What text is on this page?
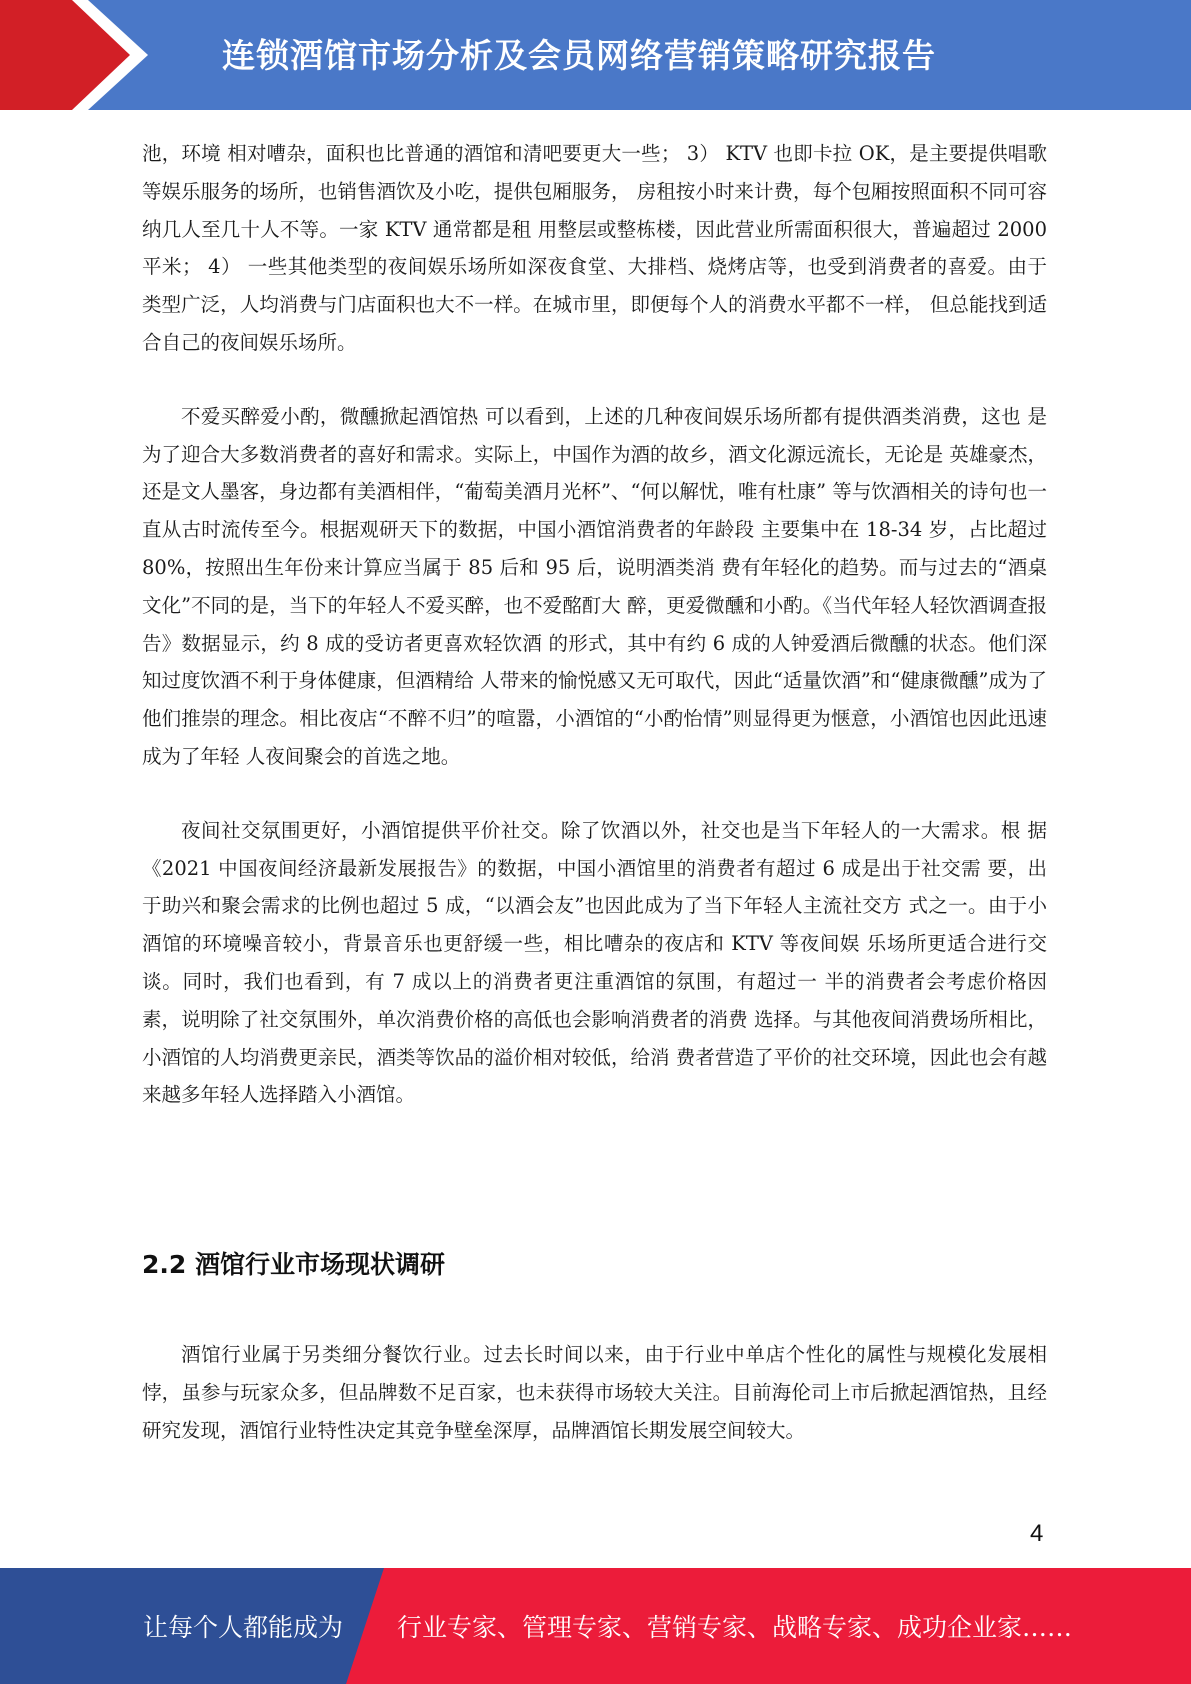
连锁酒馆市场分析及会员网络营销策略研究报告

池，环境 相对嘈杂，面积也比普通的酒馆和清吧要更大一些； 3） KTV 也即卡拉 OK，是主要提供唱歌等娱乐服务的场所，也销售酒饮及小吃，提供包厢服务， 房租按小时来计费，每个包厢按照面积不同可容纳几人至几十人不等。一家 KTV 通常都是租 用整层或整栋楼，因此营业所需面积很大，普遍超过 2000 平米； 4） 一些其他类型的夜间娱乐场所如深夜食堂、大排档、烧烤店等，也受到消费者的喜爱。由于 类型广泛，人均消费与门店面积也大不一样。在城市里，即便每个人的消费水平都不一样， 但总能找到适合自己的夜间娱乐场所。

不爱买醉爱小酌，微醺掀起酒馆热 可以看到，上述的几种夜间娱乐场所都有提供酒类消费，这也 是为了迎合大多数消费者的喜好和需求。实际上，中国作为酒的故乡，酒文化源远流长，无论是 英雄豪杰，还是文人墨客，身边都有美酒相伴，“葡萄美酒月光杯”、“何以解忧，唯有杜康” 等与饮酒相关的诗句也一直从古时流传至今。根据观研天下的数据，中国小酒馆消费者的年龄段 主要集中在 18-34 岁，占比超过 80%，按照出生年份来计算应当属于 85 后和 95 后，说明酒类消 费有年轻化的趋势。而与过去的“酒桌文化”不同的是，当下的年轻人不爱买醉，也不爱酩酊大 醉，更爱微醺和小酌。《当代年轻人轻饮酒调查报告》数据显示，约 8 成的受访者更喜欢轻饮酒 的形式，其中有约 6 成的人钟爱酒后微醺的状态。他们深知过度饮酒不利于身体健康，但酒精给 人带来的愉悦感又无可取代，因此“适量饮酒”和“健康微醺”成为了他们推崇的理念。相比夜店“不醉不归”的喧嚣，小酒馆的“小酌怡情”则显得更为惬意，小酒馆也因此迅速成为了年轻 人夜间聚会的首选之地。

夜间社交氛围更好，小酒馆提供平价社交。除了饮酒以外，社交也是当下年轻人的一大需求。根 据《2021 中国夜间经济最新发展报告》的数据，中国小酒馆里的消费者有超过 6 成是出于社交需 要，出于助兴和聚会需求的比例也超过 5 成，“以酒会友”也因此成为了当下年轻人主流社交方 式之一。由于小酒馆的环境噪音较小，背景音乐也更舒缓一些，相比嘈杂的夜店和 KTV 等夜间娱 乐场所更适合进行交谈。同时，我们也看到，有 7 成以上的消费者更注重酒馆的氛围，有超过一 半的消费者会考虑价格因素，说明除了社交氛围外，单次消费价格的高低也会影响消费者的消费 选择。与其他夜间消费场所相比，小酒馆的人均消费更亲民，酒类等饮品的溢价相对较低，给消 费者营造了平价的社交环境，因此也会有越来越多年轻人选择踏入小酒馆。

2.2 酒馆行业市场现状调研

酒馆行业属于另类细分餐饮行业。过去长时间以来，由于行业中单店个性化的属性与规模化发展相悖，虽参与玩家众多，但品牌数不足百家，也未获得市场较大关注。目前海伦司上市后掀起酒馆热，且经研究发现，酒馆行业特性决定其竞争壁垒深厚，品牌酒馆长期发展空间较大。

4
让每个人都能成为 行业专家、管理专家、营销专家、战略专家、成功企业家……
